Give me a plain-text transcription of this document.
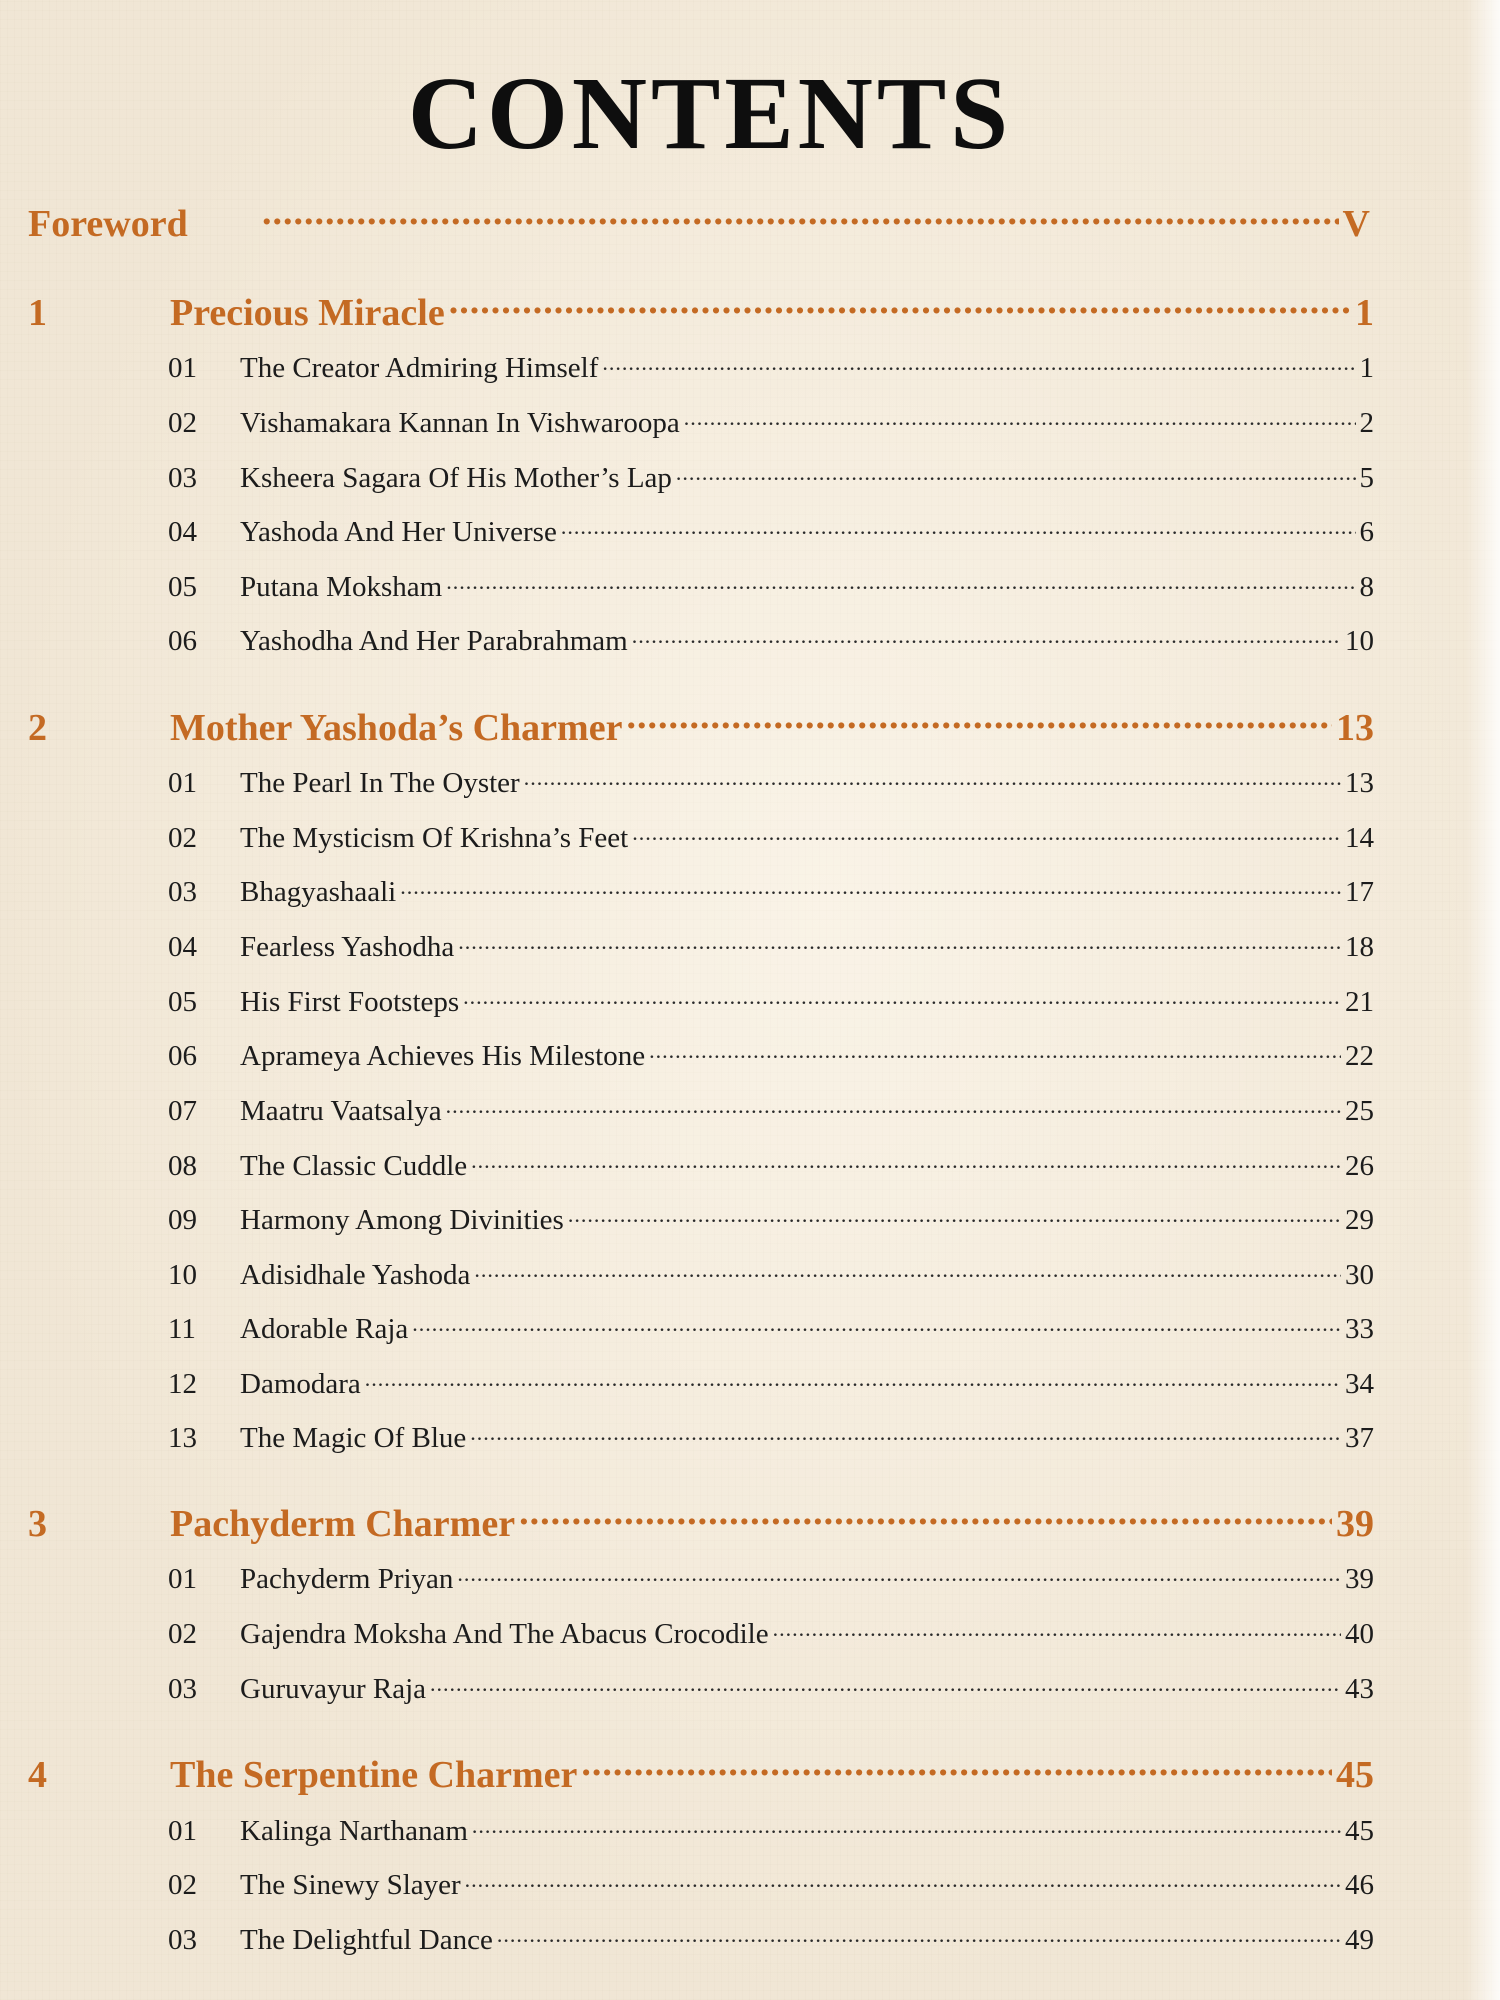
CONTENTS
Foreword .....	V
1	Precious Miracle .....	1
01	The Creator Admiring Himself .....	1
02	Vishamakara Kannan In Vishwaroopa .....	2
03	Ksheera Sagara Of His Mother’s Lap .....	5
04	Yashoda And Her Universe .....	6
05	Putana Moksham .....	8
06	Yashodha And Her Parabrahmam .....	10
2	Mother Yashoda’s Charmer .....	13
01	The Pearl In The Oyster .....	13
02	The Mysticism Of Krishna’s Feet .....	14
03	Bhagyashaali .....	17
04	Fearless Yashodha .....	18
05	His First Footsteps .....	21
06	Aprameya Achieves His Milestone .....	22
07	Maatru Vaatsalya .....	25
08	The Classic Cuddle .....	26
09	Harmony Among Divinities .....	29
10	Adisidhale Yashoda .....	30
11	Adorable Raja .....	33
12	Damodara .....	34
13	The Magic Of Blue .....	37
3	Pachyderm Charmer .....	39
01	Pachyderm Priyan .....	39
02	Gajendra Moksha And The Abacus Crocodile .....	40
03	Guruvayur Raja .....	43
4	The Serpentine Charmer .....	45
01	Kalinga Narthanam .....	45
02	The Sinewy Slayer .....	46
03	The Delightful Dance .....	49
